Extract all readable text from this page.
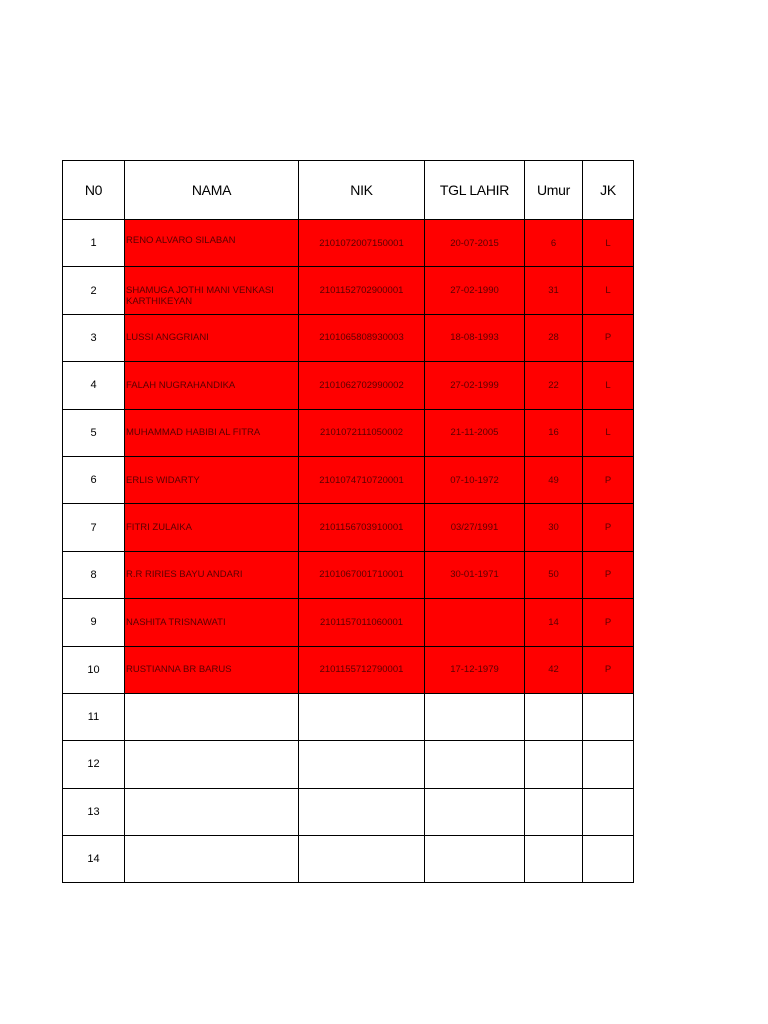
N0	NAMA	NIK	TGL LAHIR	Umur	JK
1	RENO ALVARO SILABAN	2101072007150001	20-07-2015	6	L
2	SHAMUGA JOTHI MANI VENKASI KARTHIKEYAN	2101152702900001	27-02-1990	31	L
3	LUSSI ANGGRIANI	2101065808930003	18-08-1993	28	P
4	FALAH NUGRAHANDIKA	2101062702990002	27-02-1999	22	L
5	MUHAMMAD HABIBI AL FITRA	2101072111050002	21-11-2005	16	L
6	ERLIS WIDARTY	2101074710720001	07-10-1972	49	P
7	FITRI ZULAIKA	2101156703910001	03/27/1991	30	P
8	R.R RIRIES BAYU ANDARI	2101067001710001	30-01-1971	50	P
9	NASHITA TRISNAWATI	2101157011060001		14	P
10	RUSTIANNA BR BARUS	2101155712790001	17-12-1979	42	P
11					
12					
13					
14					
